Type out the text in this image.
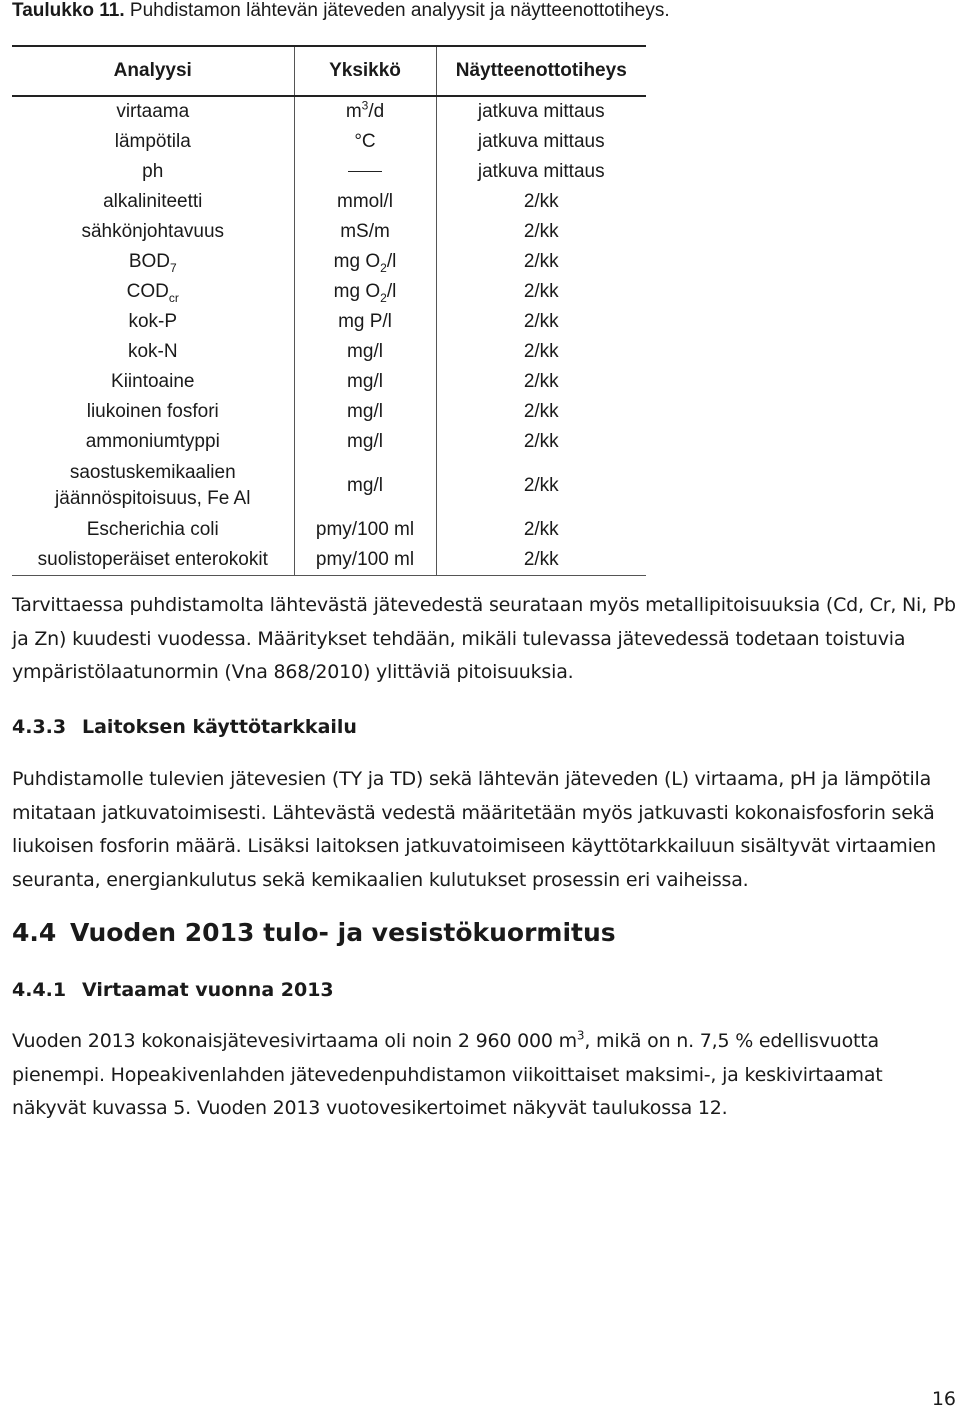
Taulukko 11. Puhdistamon lähtevän jäteveden analyysit ja näytteenottotiheys.
Analyysi	Yksikkö	Näytteenottotiheys
virtaama	$m^3/d$	jatkuva mittaus
lämpötila	°C	jatkuva mittaus
ph		jatkuva mittaus
alkaliniteetti	mmol/l	2/kk
sähkönjohtavuus	mS/m	2/kk
$BOD_7$	mg $O_2/l$	2/kk
$COD_{cr}$	mg $O_2/l$	2/kk
kok-P	mg P/l	2/kk
kok-N	mg/l	2/kk
Kiintoaine	mg/l	2/kk
liukoinen fosfori	mg/l	2/kk
ammoniumtyppi	mg/l	2/kk
saostuskemikaalien
jäännöspitoisuus, Fe Al	mg/l	2/kk
Escherichia coli	pmy/100 ml	2/kk
suolistoperäiset enterokokit	pmy/100 ml	2/kk
Tarvittaessa puhdistamolta lähtevästä jätevedestä seurataan myös metallipitoisuuksia (Cd, Cr, Ni, Pb ja Zn) kuudesti vuodessa. Määritykset tehdään, mikäli tulevassa jätevedessä todetaan toistuvia ympäristölaatunormin (Vna 868/2010) ylittäviä pitoisuuksia.
4.3.3 Laitoksen käyttötarkkailu
Puhdistamolle tulevien jätevesien (TY ja TD) sekä lähtevän jäteveden (L) virtaama, pH ja lämpötila mitataan jatkuvatoimisesti. Lähtevästä vedestä määritetään myös jatkuvasti kokonaisfosforin sekä liukoisen fosforin määrä. Lisäksi laitoksen jatkuvatoimiseen käyttötarkkailuun sisältyvät virtaamien seuranta, energiankulutus sekä kemikaalien kulutukset prosessin eri vaiheissa.
4.4 Vuoden 2013 tulo- ja vesistökuormitus
4.4.1 Virtaamat vuonna 2013
Vuoden 2013 kokonaisjätevesivirtaama oli noin 2 960 000 $m^3$, mikä on n. 7,5 % edellisvuotta pienempi. Hopeakivenlahden jätevedenpuhdistamon viikoittaiset maksimi-, ja keskivirtaamat näkyvät kuvassa 5. Vuoden 2013 vuotovesikertoimet näkyvät taulukossa 12.
16
